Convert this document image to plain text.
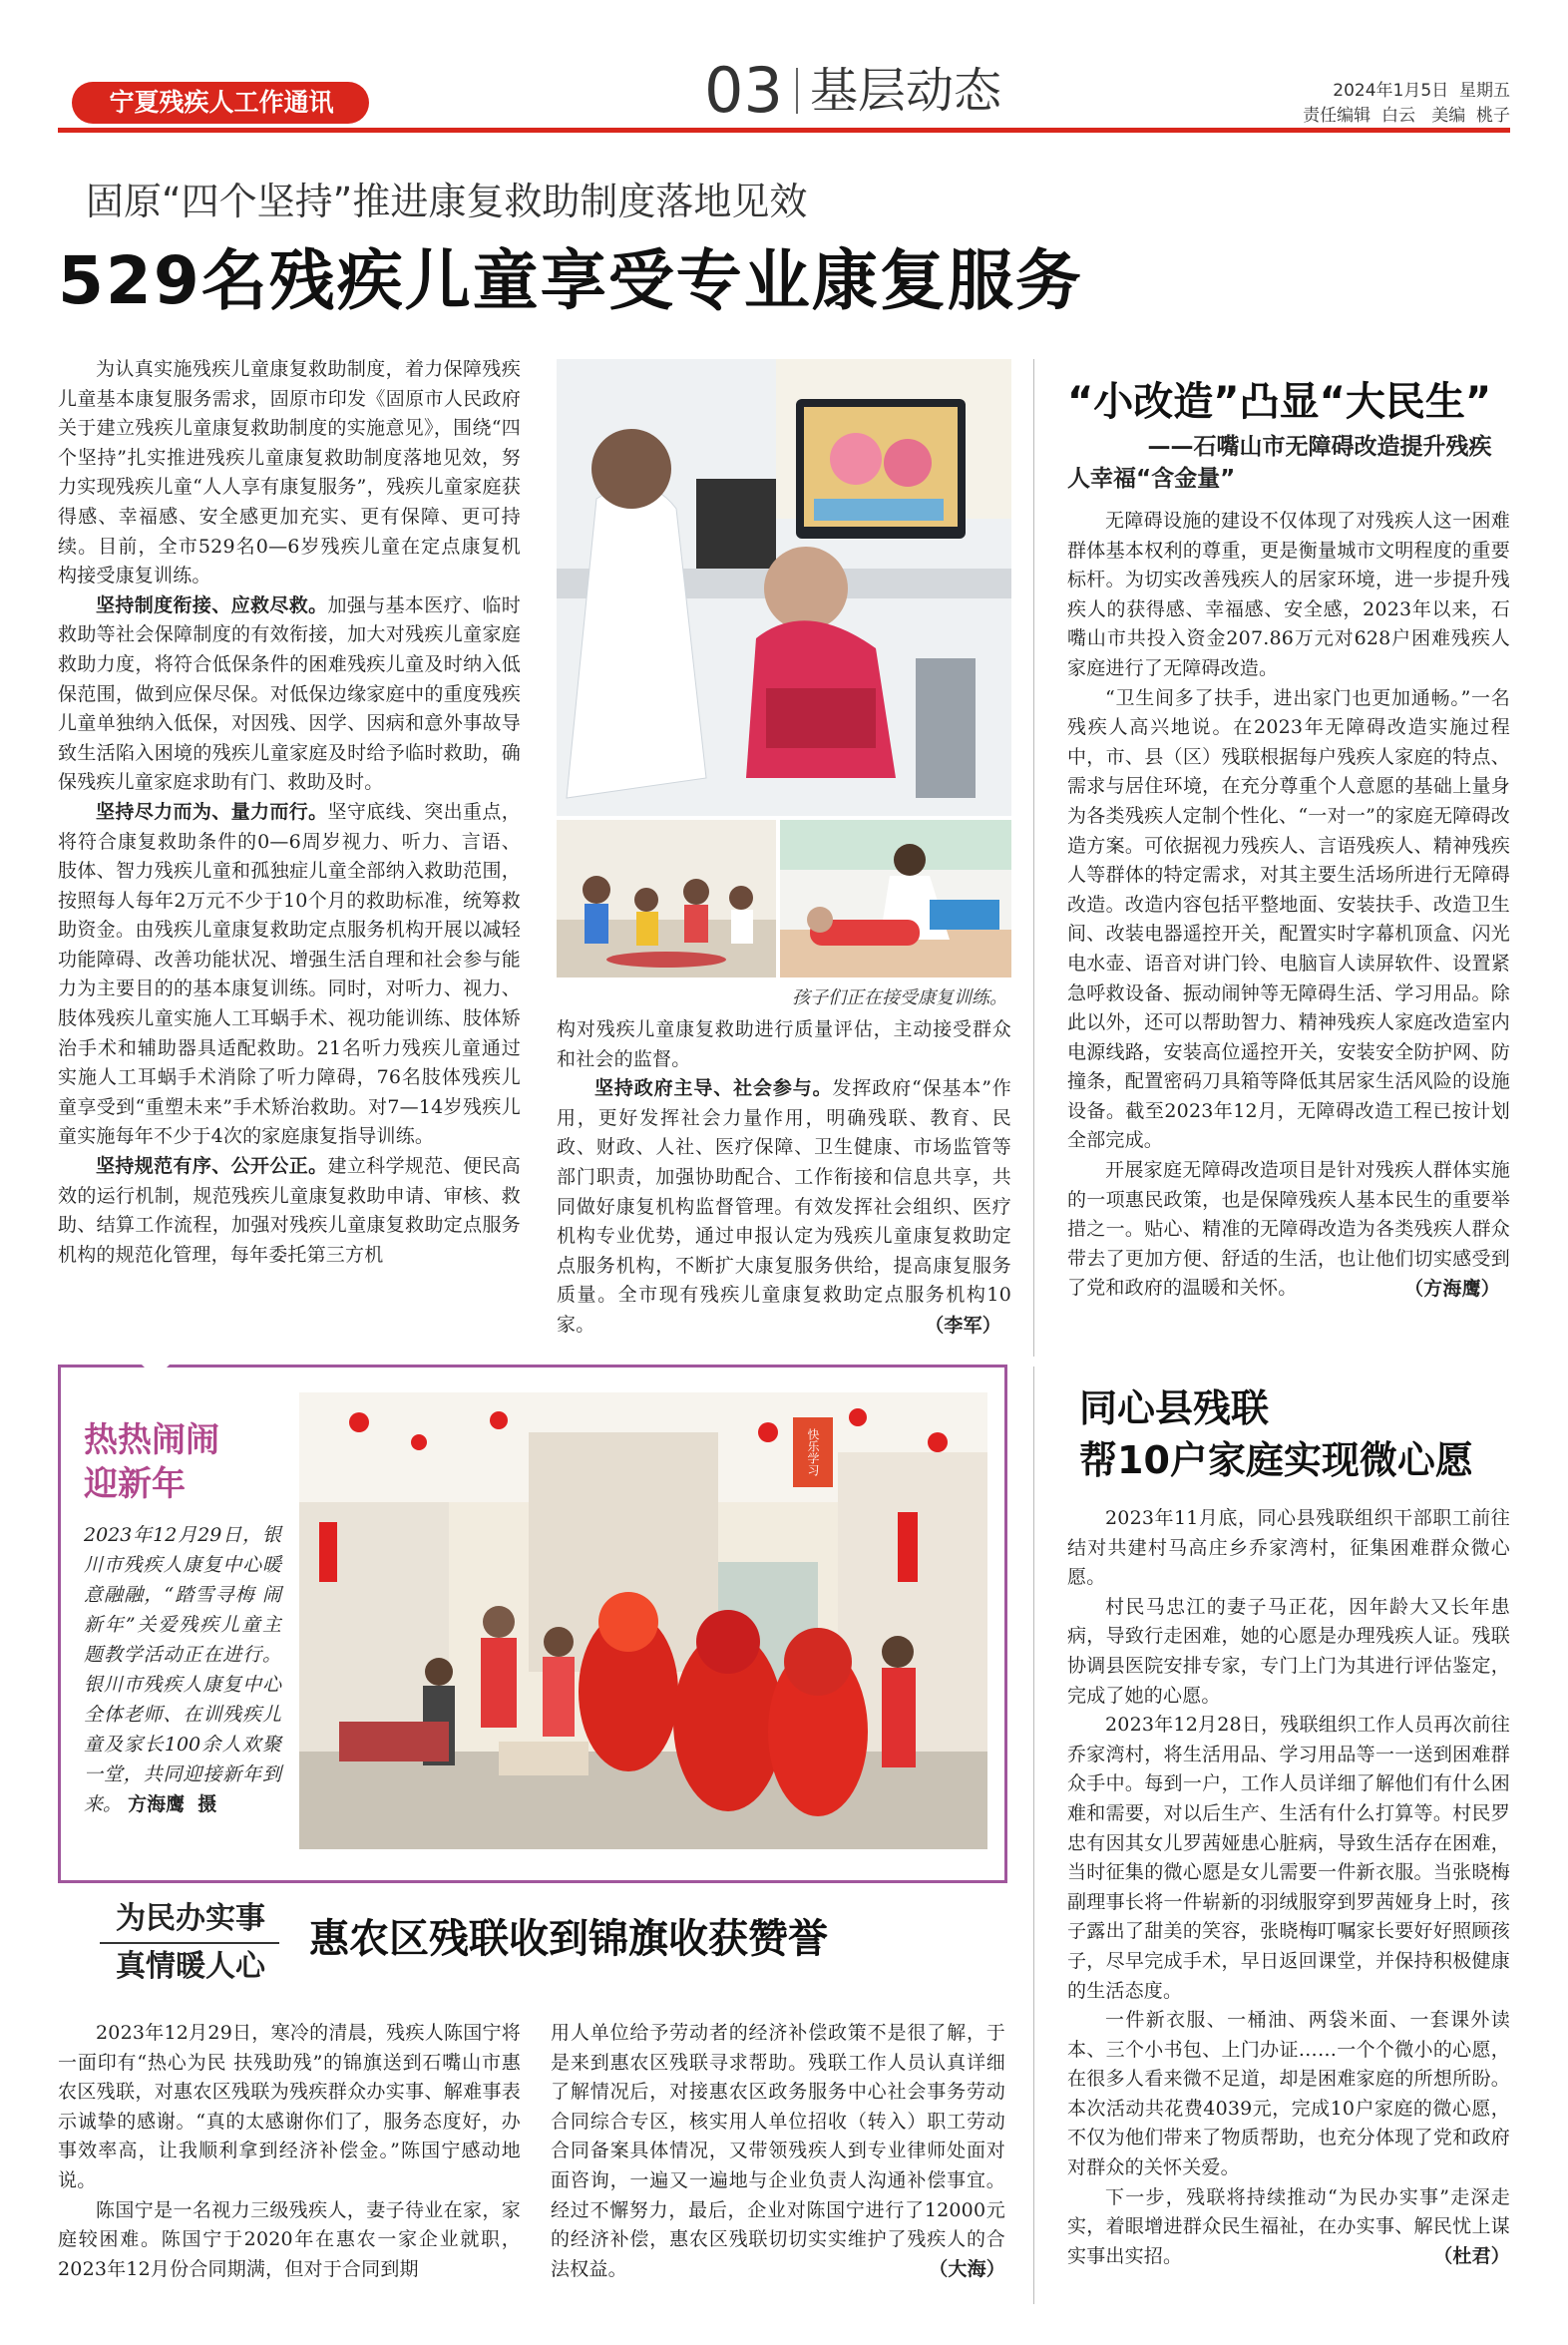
宁夏残疾人工作通讯	03 基层动态	2024年1月5日  星期五
责任编辑  白云   美编  桃子
固原“四个坚持”推进康复救助制度落地见效
529名残疾儿童享受专业康复服务

为认真实施残疾儿童康复救助制度，着力保障残疾儿童基本康复服务需求，固原市印发《固原市人民政府关于建立残疾儿童康复救助制度的实施意见》，围绕“四个坚持”扎实推进残疾儿童康复救助制度落地见效，努力实现残疾儿童“人人享有康复服务”，残疾儿童家庭获得感、幸福感、安全感更加充实、更有保障、更可持续。目前，全市529名0—6岁残疾儿童在定点康复机构接受康复训练。

坚持制度衔接、应救尽救。加强与基本医疗、临时救助等社会保障制度的有效衔接，加大对残疾儿童家庭救助力度，将符合低保条件的困难残疾儿童及时纳入低保范围，做到应保尽保。对低保边缘家庭中的重度残疾儿童单独纳入低保，对因残、因学、因病和意外事故导致生活陷入困境的残疾儿童家庭及时给予临时救助，确保残疾儿童家庭求助有门、救助及时。

坚持尽力而为、量力而行。坚守底线、突出重点，将符合康复救助条件的0—6周岁视力、听力、言语、肢体、智力残疾儿童和孤独症儿童全部纳入救助范围，按照每人每年2万元不少于10个月的救助标准，统筹救助资金。由残疾儿童康复救助定点服务机构开展以减轻功能障碍、改善功能状况、增强生活自理和社会参与能力为主要目的的基本康复训练。同时，对听力、视力、肢体残疾儿童实施人工耳蜗手术、视功能训练、肢体矫治手术和辅助器具适配救助。21名听力残疾儿童通过实施人工耳蜗手术消除了听力障碍，76名肢体残疾儿童享受到“重塑未来”手术矫治救助。对7—14岁残疾儿童实施每年不少于4次的家庭康复指导训练。

坚持规范有序、公开公正。建立科学规范、便民高效的运行机制，规范残疾儿童康复救助申请、审核、救助、结算工作流程，加强对残疾儿童康复救助定点服务机构的规范化管理，每年委托第三方机

孩子们正在接受康复训练。

构对残疾儿童康复救助进行质量评估，主动接受群众和社会的监督。

坚持政府主导、社会参与。发挥政府“保基本”作用，更好发挥社会力量作用，明确残联、教育、民政、财政、人社、医疗保障、卫生健康、市场监管等部门职责，加强协助配合、工作衔接和信息共享，共同做好康复机构监督管理。有效发挥社会组织、医疗机构专业优势，通过申报认定为残疾儿童康复救助定点服务机构，不断扩大康复服务供给，提高康复服务质量。全市现有残疾儿童康复救助定点服务机构10家。	（李军）
“小改造”凸显“大民生”
——石嘴山市无障碍改造提升残疾人幸福“含金量”

无障碍设施的建设不仅体现了对残疾人这一困难群体基本权利的尊重，更是衡量城市文明程度的重要标杆。为切实改善残疾人的居家环境，进一步提升残疾人的获得感、幸福感、安全感，2023年以来，石嘴山市共投入资金207.86万元对628户困难残疾人家庭进行了无障碍改造。

“卫生间多了扶手，进出家门也更加通畅。”一名残疾人高兴地说。在2023年无障碍改造实施过程中，市、县（区）残联根据每户残疾人家庭的特点、需求与居住环境，在充分尊重个人意愿的基础上量身为各类残疾人定制个性化、“一对一”的家庭无障碍改造方案。可依据视力残疾人、言语残疾人、精神残疾人等群体的特定需求，对其主要生活场所进行无障碍改造。改造内容包括平整地面、安装扶手、改造卫生间、改装电器遥控开关，配置实时字幕机顶盒、闪光电水壶、语音对讲门铃、电脑盲人读屏软件、设置紧急呼救设备、振动闹钟等无障碍生活、学习用品。除此以外，还可以帮助智力、精神残疾人家庭改造室内电源线路，安装高位遥控开关，安装安全防护网、防撞条，配置密码刀具箱等降低其居家生活风险的设施设备。截至2023年12月，无障碍改造工程已按计划全部完成。

开展家庭无障碍改造项目是针对残疾人群体实施的一项惠民政策，也是保障残疾人基本民生的重要举措之一。贴心、精准的无障碍改造为各类残疾人群众带去了更加方便、舒适的生活，也让他们切实感受到了党和政府的温暖和关怀。	（方海鹰）
热热闹闹
迎新年
2023年12月29日，银川市残疾人康复中心暖意融融，“踏雪寻梅 闹新年”关爱残疾儿童主题教学活动正在进行。银川市残疾人康复中心全体老师、在训残疾儿童及家长100余人欢聚一堂，共同迎接新年到来。 方海鹰  摄
快乐学习
为民办实事
真情暖人心
惠农区残联收到锦旗收获赞誉

2023年12月29日，寒冷的清晨，残疾人陈国宁将一面印有“热心为民 扶残助残”的锦旗送到石嘴山市惠农区残联，对惠农区残联为残疾群众办实事、解难事表示诚挚的感谢。“真的太感谢你们了，服务态度好，办事效率高，让我顺利拿到经济补偿金。”陈国宁感动地说。

陈国宁是一名视力三级残疾人，妻子待业在家，家庭较困难。陈国宁于2020年在惠农一家企业就职，2023年12月份合同期满，但对于合同到期

用人单位给予劳动者的经济补偿政策不是很了解，于是来到惠农区残联寻求帮助。残联工作人员认真详细了解情况后，对接惠农区政务服务中心社会事务劳动合同综合专区，核实用人单位招收（转入）职工劳动合同备案具体情况，又带领残疾人到专业律师处面对面咨询，一遍又一遍地与企业负责人沟通补偿事宜。经过不懈努力，最后，企业对陈国宁进行了12000元的经济补偿，惠农区残联切切实实维护了残疾人的合法权益。	（大海）

同心县残联
帮10户家庭实现微心愿

2023年11月底，同心县残联组织干部职工前往结对共建村马高庄乡乔家湾村，征集困难群众微心愿。

村民马忠江的妻子马正花，因年龄大又长年患病，导致行走困难，她的心愿是办理残疾人证。残联协调县医院安排专家，专门上门为其进行评估鉴定，完成了她的心愿。

2023年12月28日，残联组织工作人员再次前往乔家湾村，将生活用品、学习用品等一一送到困难群众手中。每到一户，工作人员详细了解他们有什么困难和需要，对以后生产、生活有什么打算等。村民罗忠有因其女儿罗茜娅患心脏病，导致生活存在困难，当时征集的微心愿是女儿需要一件新衣服。当张晓梅副理事长将一件崭新的羽绒服穿到罗茜娅身上时，孩子露出了甜美的笑容，张晓梅叮嘱家长要好好照顾孩子，尽早完成手术，早日返回课堂，并保持积极健康的生活态度。

一件新衣服、一桶油、两袋米面、一套课外读本、三个小书包、上门办证……一个个微小的心愿，在很多人看来微不足道，却是困难家庭的所想所盼。本次活动共花费4039元，完成10户家庭的微心愿，不仅为他们带来了物质帮助，也充分体现了党和政府对群众的关怀关爱。

下一步，残联将持续推动“为民办实事”走深走实，着眼增进群众民生福祉，在办实事、解民忧上谋实事出实招。	（杜君）
